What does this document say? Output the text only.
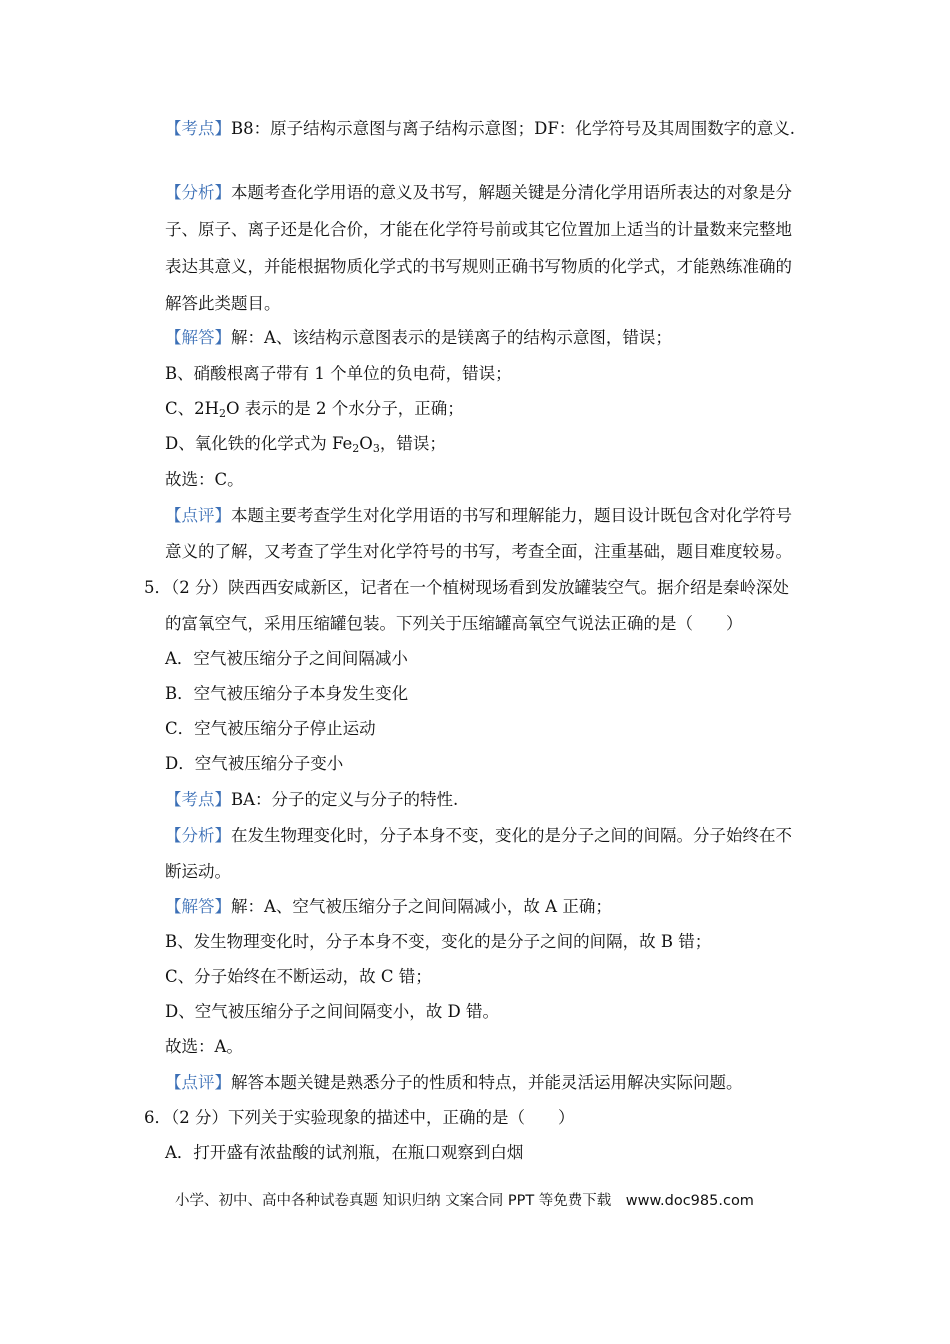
【考点】B8：原子结构示意图与离子结构示意图；DF：化学符号及其周围数字的意义.
【分析】本题考查化学用语的意义及书写，解题关键是分清化学用语所表达的对象是分
子、原子、离子还是化合价，才能在化学符号前或其它位置加上适当的计量数来完整地
表达其意义，并能根据物质化学式的书写规则正确书写物质的化学式，才能熟练准确的
解答此类题目。
【解答】解：A、该结构示意图表示的是镁离子的结构示意图，错误；
B、硝酸根离子带有 1 个单位的负电荷，错误；
C、$2H_2O$ 表示的是 2 个水分子，正确；
D、氧化铁的化学式为 $Fe_2O_3$，错误；
故选：C。
【点评】本题主要考查学生对化学用语的书写和理解能力，题目设计既包含对化学符号
意义的了解，又考查了学生对化学符号的书写，考查全面，注重基础，题目难度较易。
5．（2 分）陕西西安咸新区，记者在一个植树现场看到发放罐装空气。据介绍是秦岭深处
的富氧空气，采用压缩罐包装。下列关于压缩罐高氧空气说法正确的是（　　）
A．空气被压缩分子之间间隔减小
B．空气被压缩分子本身发生变化
C．空气被压缩分子停止运动
D．空气被压缩分子变小
【考点】BA：分子的定义与分子的特性.
【分析】在发生物理变化时，分子本身不变，变化的是分子之间的间隔。分子始终在不
断运动。
【解答】解：A、空气被压缩分子之间间隔减小，故 A 正确；
B、发生物理变化时，分子本身不变，变化的是分子之间的间隔，故 B 错；
C、分子始终在不断运动，故 C 错；
D、空气被压缩分子之间间隔变小，故 D 错。
故选：A。
【点评】解答本题关键是熟悉分子的性质和特点，并能灵活运用解决实际问题。
6．（2 分）下列关于实验现象的描述中，正确的是（　　）
A．打开盛有浓盐酸的试剂瓶，在瓶口观察到白烟
小学、初中、高中各种试卷真题 知识归纳 文案合同 PPT 等免费下载　www.doc985.com
